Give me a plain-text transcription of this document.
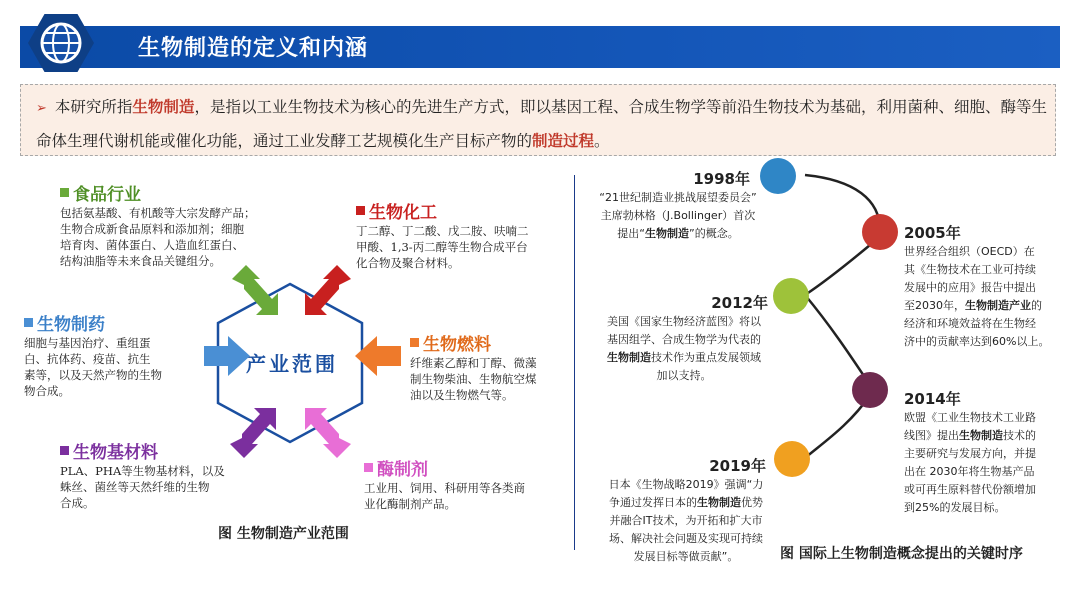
生物制造的定义和内涵
➢ 本研究所指生物制造，是指以工业生物技术为核心的先进生产方式，即以基因工程、合成生物学等前沿生物技术为基础，利用菌种、细胞、酶等生命体生理代谢机能或催化功能，通过工业发酵工艺规模化生产目标产物的制造过程。
产业范围
食品行业
包括氨基酸、有机酸等大宗发酵产品；
生物合成新食品原料和添加剂；细胞
培育肉、菌体蛋白、人造血红蛋白、
结构油脂等未来食品关键组分。
生物化工
丁二醇、丁二酸、戊二胺、呋喃二
甲酸、1,3-丙二醇等生物合成平台
化合物及聚合材料。
生物制药
细胞与基因治疗、重组蛋
白、抗体药、疫苗、抗生
素等，以及天然产物的生物
物合成。
生物燃料
纤维素乙醇和丁醇、微藻
制生物柴油、生物航空煤
油以及生物燃气等。
生物基材料
PLA、PHA等生物基材料，以及
蛛丝、菌丝等天然纤维的生物
合成。
酶制剂
工业用、饲用、科研用等各类商
业化酶制剂产品。
图 生物制造产业范围
1998年
“21世纪制造业挑战展望委员会”
主席勃林格（J.Bollinger）首次
提出“生物制造”的概念。	2005年
世界经合组织（OECD）在
其《生物技术在工业可持续
发展中的应用》报告中提出
至2030年，生物制造产业的
经济和环境效益将在生物经
济中的贡献率达到60%以上。
2012年
美国《国家生物经济蓝图》将以
基因组学、合成生物学为代表的
生物制造技术作为重点发展领域
加以支持。
2014年
欧盟《工业生物技术工业路
线图》提出生物制造技术的
主要研究与发展方向，并提
出在 2030年将生物基产品
或可再生原料替代份额增加
到25%的发展目标。
2019年
日本《生物战略2019》强调“力
争通过发挥日本的生物制造优势
并融合IT技术，为开拓和扩大市
场、解决社会问题及实现可持续
发展目标等做贡献”。	图 国际上生物制造概念提出的关键时序
